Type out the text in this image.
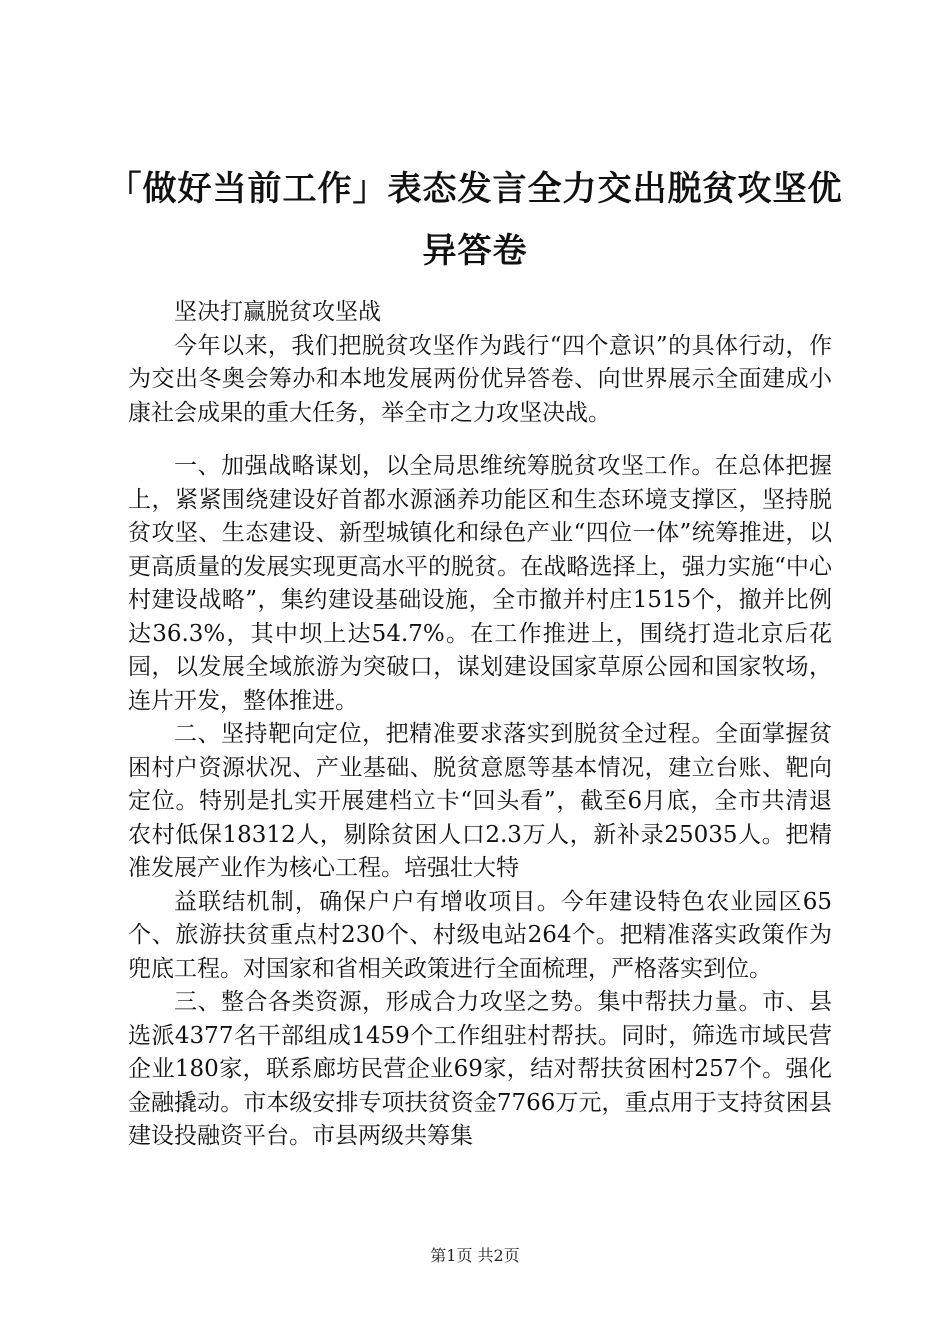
「做好当前工作」表态发言全力交出脱贫攻坚优异答卷

坚决打赢脱贫攻坚战

今年以来，我们把脱贫攻坚作为践行“四个意识”的具体行动，作为交出冬奥会筹办和本地发展两份优异答卷、向世界展示全面建成小康社会成果的重大任务，举全市之力攻坚决战。

一、加强战略谋划，以全局思维统筹脱贫攻坚工作。在总体把握上，紧紧围绕建设好首都水源涵养功能区和生态环境支撑区，坚持脱贫攻坚、生态建设、新型城镇化和绿色产业“四位一体”统筹推进，以更高质量的发展实现更高水平的脱贫。在战略选择上，强力实施“中心村建设战略”，集约建设基础设施，全市撤并村庄1515个，撤并比例达36.3%，其中坝上达54.7%。在工作推进上，围绕打造北京后花园，以发展全域旅游为突破口，谋划建设国家草原公园和国家牧场，连片开发，整体推进。

二、坚持靶向定位，把精准要求落实到脱贫全过程。全面掌握贫困村户资源状况、产业基础、脱贫意愿等基本情况，建立台账、靶向定位。特别是扎实开展建档立卡“回头看”，截至6月底，全市共清退农村低保18312人，剔除贫困人口2.3万人，新补录25035人。把精准发展产业作为核心工程。培强壮大特

益联结机制，确保户户有增收项目。今年建设特色农业园区65个、旅游扶贫重点村230个、村级电站264个。把精准落实政策作为兜底工程。对国家和省相关政策进行全面梳理，严格落实到位。

三、整合各类资源，形成合力攻坚之势。集中帮扶力量。市、县选派4377名干部组成1459个工作组驻村帮扶。同时，筛选市域民营企业180家，联系廊坊民营企业69家，结对帮扶贫困村257个。强化金融撬动。市本级安排专项扶贫资金7766万元，重点用于支持贫困县建设投融资平台。市县两级共筹集

第1页 共2页
